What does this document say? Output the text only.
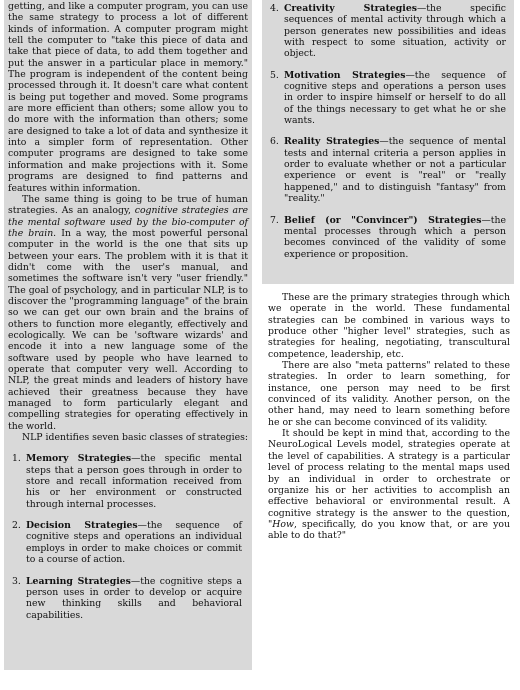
getting, and like a computer program, you can use the same strategy to process a lot of different kinds of information. A computer program might tell the computer to "take this piece of data and take that piece of data, to add them together and put the answer in a particular place in memory." The program is independent of the content being processed through it. It doesn't care what content is being put together and moved. Some programs are more efficient than others; some allow you to do more with the information than others; some are designed to take a lot of data and synthesize it into a simpler form of representation. Other computer programs are designed to take some information and make projections with it. Some programs are designed to find patterns and features within information.

The same thing is going to be true of human strategies. As an analogy, cognitive strategies are the mental software used by the bio-computer of the brain. In a way, the most powerful personal computer in the world is the one that sits up between your ears. The problem with it is that it didn't come with the user's manual, and sometimes the software isn't very "user friendly." The goal of psychology, and in particular NLP, is to discover the "programming language" of the brain so we can get our own brain and the brains of others to function more elegantly, effectively and ecologically. We can be 'software wizards' and encode it into a new language some of the software used by people who have learned to operate that computer very well. According to NLP, the great minds and leaders of history have achieved their greatness because they have managed to form particularly elegant and compelling strategies for operating effectively in the world.

NLP identifies seven basic classes of strategies:

1. Memory Strategies—the specific mental steps that a person goes through in order to store and recall information received from his or her environment or constructed through internal processes.
2. Decision Strategies—the sequence of cognitive steps and operations an individual employs in order to make choices or commit to a course of action.
3. Learning Strategies—the cognitive steps a person uses in order to develop or acquire new thinking skills and behavioral capabilities.
4. Creativity Strategies—the specific sequences of mental activity through which a person generates new possibilities and ideas with respect to some situation, activity or object.
5. Motivation Strategies—the sequence of cognitive steps and operations a person uses in order to inspire himself or herself to do all of the things necessary to get what he or she wants.
6. Reality Strategies—the sequence of mental tests and internal criteria a person applies in order to evaluate whether or not a particular experience or event is "real" or "really happened," and to distinguish "fantasy" from "reality."
7. Belief (or "Convincer") Strategies—the mental processes through which a person becomes convinced of the validity of some experience or proposition.

These are the primary strategies through which we operate in the world. These fundamental strategies can be combined in various ways to produce other "higher level" strategies, such as strategies for healing, negotiating, transcultural competence, leadership, etc.

There are also "meta patterns" related to these strategies. In order to learn something, for instance, one person may need to be first convinced of its validity. Another person, on the other hand, may need to learn something before he or she can become convinced of its validity.

It should be kept in mind that, according to the NeuroLogical Levels model, strategies operate at the level of capabilities. A strategy is a particular level of process relating to the mental maps used by an individual in order to orchestrate or organize his or her activities to accomplish an effective behavioral or environmental result. A cognitive strategy is the answer to the question, "How, specifically, do you know that, or are you able to do that?"
